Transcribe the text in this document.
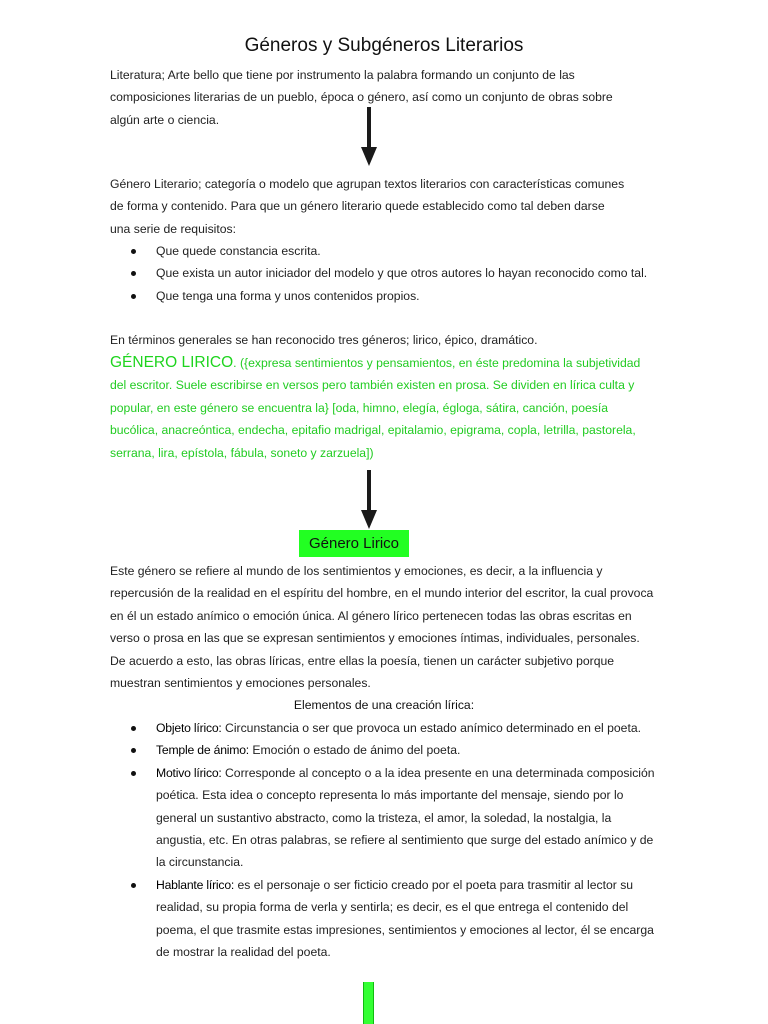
Géneros y Subgéneros Literarios
Literatura; Arte bello que tiene por instrumento la palabra formando un conjunto de las
composiciones literarias de un pueblo, época o género, así como un conjunto de obras sobre
algún arte o ciencia.
Género Literario; categoría o modelo que agrupan textos literarios con características comunes
de forma y contenido. Para que un género literario quede establecido como tal deben darse
una serie de requisitos:
Que quede constancia escrita.
Que exista un autor iniciador del modelo y que otros autores lo hayan reconocido como tal.
Que tenga una forma y unos contenidos propios.

En términos generales se han reconocido tres géneros; lirico, épico, dramático.

GÉNERO LIRICO. ({expresa sentimientos y pensamientos, en éste predomina la subjetividad del escritor. Suele escribirse en versos pero también existen en prosa. Se dividen en lírica culta y popular, en este género se encuentra la} [oda, himno, elegía, égloga, sátira, canción, poesía bucólica, anacreóntica, endecha, epitafio madrigal, epitalamio, epigrama, copla, letrilla, pastorela, serrana, lira, epístola, fábula, soneto y zarzuela])

Género Lirico

Este género se refiere al mundo de los sentimientos y emociones, es decir, a la influencia y repercusión de la realidad en el espíritu del hombre, en el mundo interior del escritor, la cual provoca en él un estado anímico o emoción única. Al género lírico pertenecen todas las obras escritas en verso o prosa en las que se expresan sentimientos y emociones íntimas, individuales, personales. De acuerdo a esto, las obras líricas, entre ellas la poesía, tienen un carácter subjetivo porque muestran sentimientos y emociones personales.

Elementos de una creación lírica:

Objeto lírico: Circunstancia o ser que provoca un estado anímico determinado en el poeta.
Temple de ánimo: Emoción o estado de ánimo del poeta.
Motivo lírico: Corresponde al concepto o a la idea presente en una determinada composición poética. Esta idea o concepto representa lo más importante del mensaje, siendo por lo general un sustantivo abstracto, como la tristeza, el amor, la soledad, la nostalgia, la angustia, etc. En otras palabras, se refiere al sentimiento que surge del estado anímico y de la circunstancia.
Hablante lírico: es el personaje o ser ficticio creado por el poeta para trasmitir al lector su realidad, su propia forma de verla y sentirla; es decir, es el que entrega el contenido del poema, el que trasmite estas impresiones, sentimientos y emociones al lector, él se encarga de mostrar la realidad del poeta.
